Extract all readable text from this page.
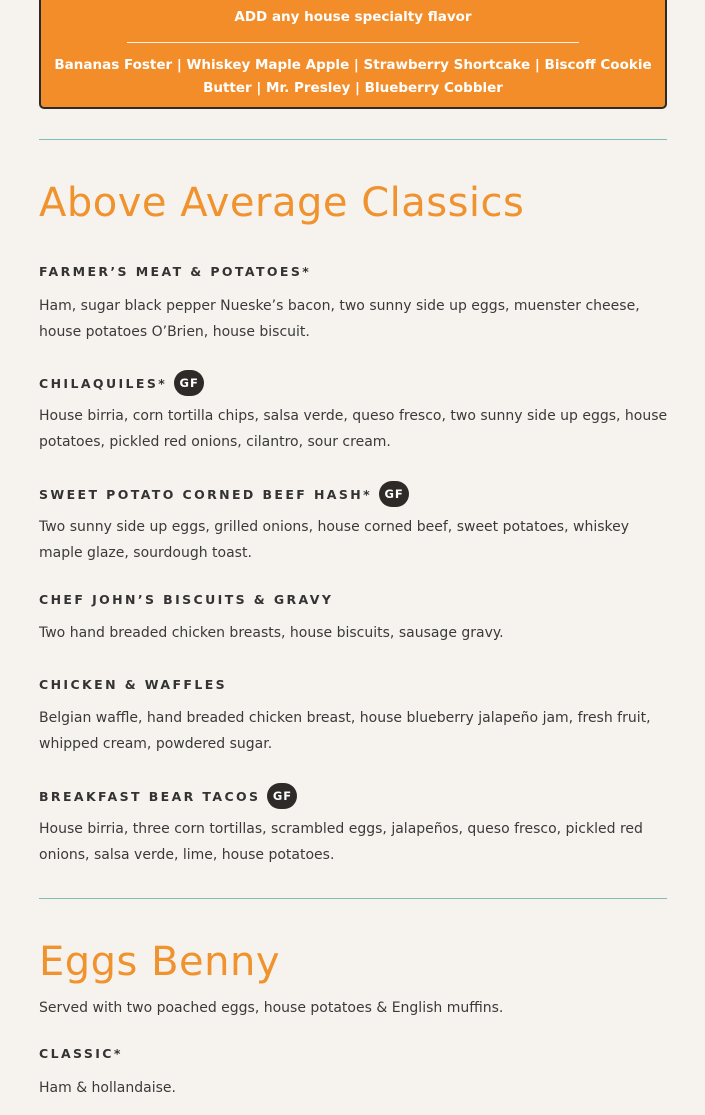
ADD any house specialty flavor
Bananas Foster | Whiskey Maple Apple | Strawberry Shortcake | Biscoff Cookie Butter | Mr. Presley | Blueberry Cobbler
Above Average Classics
FARMER’S MEAT & POTATOES*

Ham, sugar black pepper Nueske’s bacon, two sunny side up eggs, muenster cheese, house potatoes O’Brien, house biscuit.

CHILAQUILES*	GF

House birria, corn tortilla chips, salsa verde, queso fresco, two sunny side up eggs, house potatoes, pickled red onions, cilantro, sour cream.

SWEET POTATO CORNED BEEF HASH*	GF

Two sunny side up eggs, grilled onions, house corned beef, sweet potatoes, whiskey maple glaze, sourdough toast.

CHEF JOHN’S BISCUITS & GRAVY

Two hand breaded chicken breasts, house biscuits, sausage gravy.

CHICKEN & WAFFLES

Belgian waffle, hand breaded chicken breast, house blueberry jalapeño jam, fresh fruit, whipped cream, powdered sugar.

BREAKFAST BEAR TACOS	GF

House birria, three corn tortillas, scrambled eggs, jalapeños, queso fresco, pickled red onions, salsa verde, lime, house potatoes.

Eggs Benny

Served with two poached eggs, house potatoes & English muffins.

CLASSIC*

Ham & hollandaise.
